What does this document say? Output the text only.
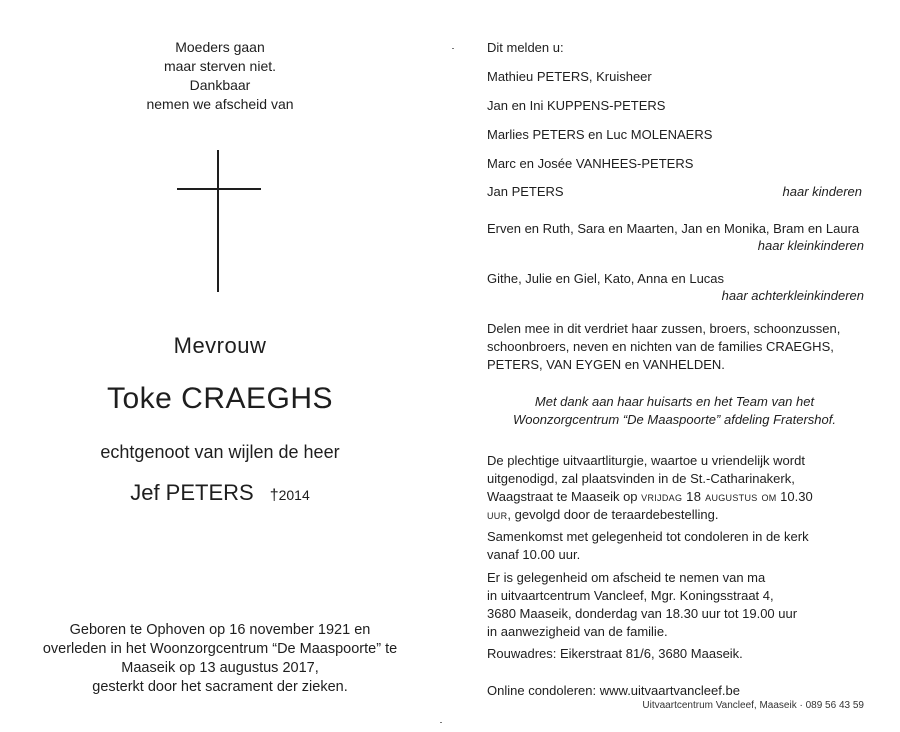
Moeders gaan
maar sterven niet.
Dankbaar
nemen we afscheid van
Mevrouw
Toke CRAEGHS
echtgenoot van wijlen de heer
Jef PETERS †2014
Geboren te Ophoven op 16 november 1921 en
overleden in het Woonzorgcentrum “De Maaspoorte” te
Maaseik op 13 augustus 2017,
gesterkt door het sacrament der zieken.
Dit melden u:
Mathieu PETERS, Kruisheer
Jan en Ini KUPPENS-PETERS
Marlies PETERS en Luc MOLENAERS
Marc en Josée VANHEES-PETERS
Jan PETERS	haar kinderen
Erven en Ruth, Sara en Maarten, Jan en Monika, Bram en Laura
haar kleinkinderen
Githe, Julie en Giel, Kato, Anna en Lucas
haar achterkleinkinderen
Delen mee in dit verdriet haar zussen, broers, schoonzussen,
schoonbroers, neven en nichten van de families CRAEGHS,
PETERS, VAN EYGEN en VANHELDEN.
Met dank aan haar huisarts en het Team van het
Woonzorgcentrum “De Maaspoorte” afdeling Fratershof.
De plechtige uitvaartliturgie, waartoe u vriendelijk wordt
uitgenodigd, zal plaatsvinden in de St.-Catharinakerk,
Waagstraat te Maaseik op vrijdag 18 augustus om 10.30
uur, gevolgd door de teraardebestelling.
Samenkomst met gelegenheid tot condoleren in de kerk
vanaf 10.00 uur.
Er is gelegenheid om afscheid te nemen van ma
in uitvaartcentrum Vancleef, Mgr. Koningsstraat 4,
3680 Maaseik, donderdag van 18.30 uur tot 19.00 uur
in aanwezigheid van de familie.
Rouwadres: Eikerstraat 81/6, 3680 Maaseik.
Online condoleren: www.uitvaartvancleef.be
Uitvaartcentrum Vancleef, Maaseik · 089 56 43 59
